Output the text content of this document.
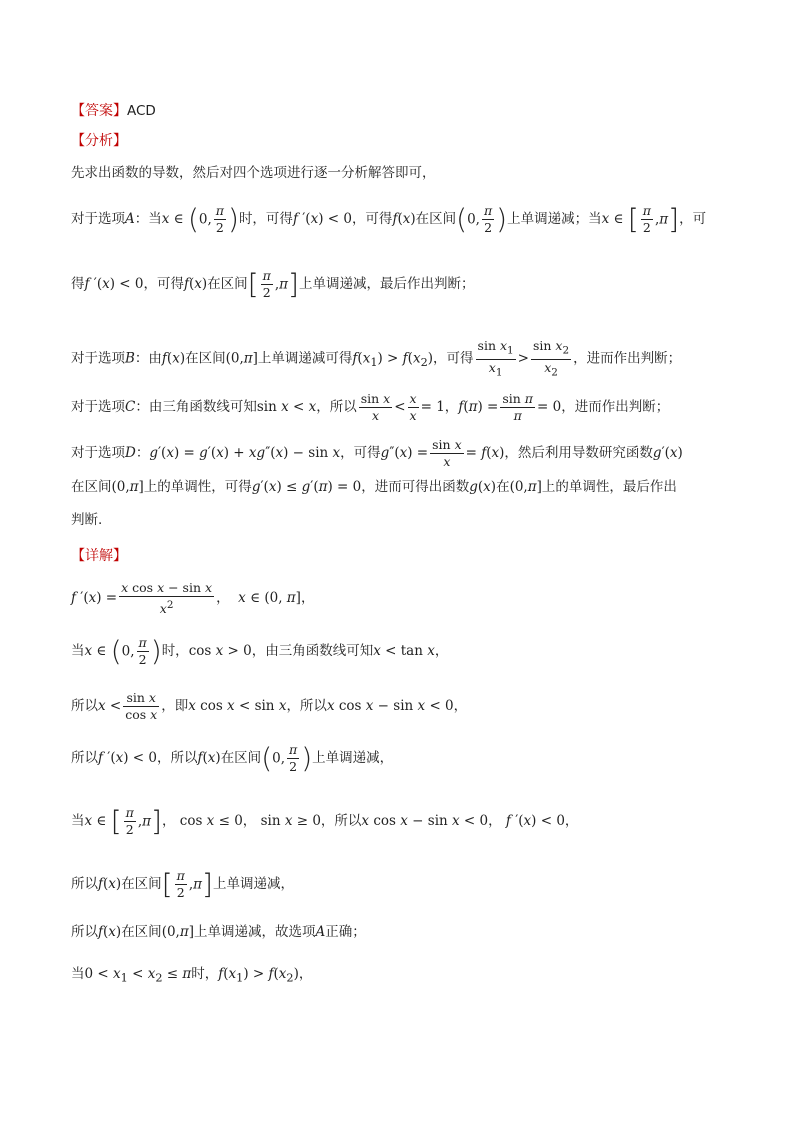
【答案】ACD
【分析】
先求出函数的导数，然后对四个选项进行逐一分析解答即可，
对于选项A：当x ∈ (0, $\frac{\pi}{2}$ )时，可得f ′(x) < 0，可得f(x)在区间(0, $\frac{\pi}{2}$ )上单调递减；当x ∈ [ $\frac{\pi}{2} ,\pi$]，可
得f ′(x) < 0，可得f(x)在区间[ $\frac{\pi}{2} ,\pi$]上单调递减，最后作出判断；
对于选项B：由f(x)在区间(0,π]上单调递减可得$f(x_1) > f(x_2)$，可得 $\frac{\sin x_1}{x_1} > \frac{\sin x_2}{x_2}$ ，进而作出判断；
对于选项C：由三角函数线可知sin x < x，所以 $\frac{\text{sin x}}{x} < \frac{x}{x} = 1$，$f(\pi) = \frac{\text{sin π}}{\pi} = 0$，进而作出判断；
对于选项D：g′(x) = g′(x) + xg″(x) − sin x，可得$g''(x) = \frac{\text{sin x}}{x} = f(x)$，然后利用导数研究函数g′(x)
在区间(0,π]上的单调性，可得g′(x) ≤ g′(π) = 0，进而可得出函数g(x)在(0,π]上的单调性，最后作出
判断.
【详解】
f $'(x) = \frac{\text{x cos x − sin x}}{x^2}$ ，  x ∈ (0, π]，
当x ∈ (0, $\frac{\pi}{2}$ )时，cos x > 0，由三角函数线可知x < tan x，
所以$x < \frac{\text{sin x}}{\text{cos x}}$ ，即x cos x < sin x，所以x cos x − sin x < 0，
所以f ′(x) < 0，所以f(x)在区间(0, $\frac{\pi}{2}$ )上单调递减，
当x ∈ [ $\frac{\pi}{2} ,\pi$]， cos x ≤ 0， sin x ≥ 0，所以x cos x − sin x < 0， f ′(x) < 0，
所以f(x)在区间[ $\frac{\pi}{2} ,\pi$]上单调递减，
所以f(x)在区间(0,π]上单调递减，故选项A正确；
当$0 < x_1 < x_2 \le \pi$时，$f(x_1) > f(x_2)$，
